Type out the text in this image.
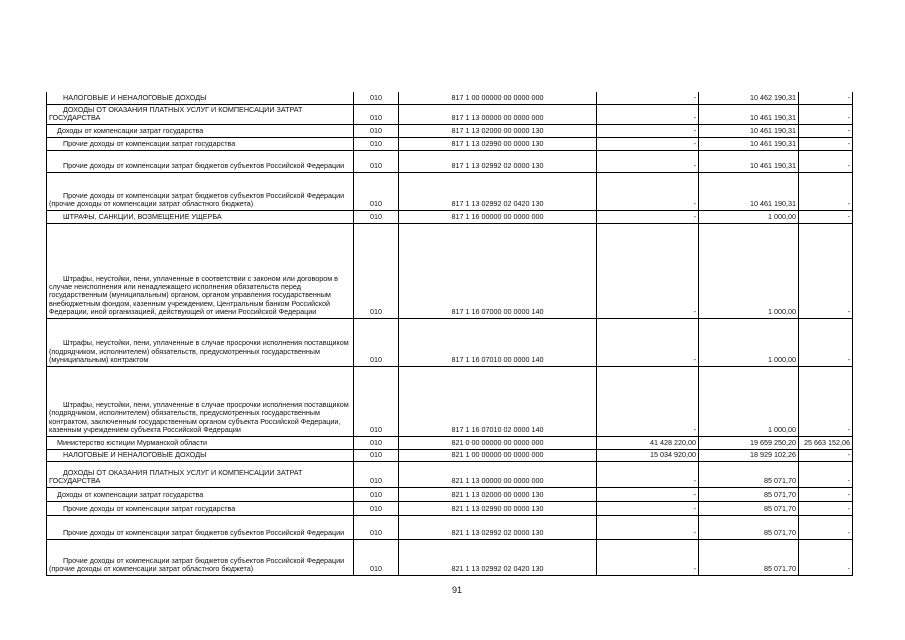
НАЛОГОВЫЕ И НЕНАЛОГОВЫЕ ДОХОДЫ	010	817 1 00 00000 00 0000 000	-	10 462 190,31	-

ДОХОДЫ ОТ ОКАЗАНИЯ ПЛАТНЫХ УСЛУГ И КОМПЕНСАЦИИ ЗАТРАТ ГОСУДАРСТВА	010	817 1 13 00000 00 0000 000	-	10 461 190,31	-

Доходы от компенсации затрат государства	010	817 1 13 02000 00 0000 130	-	10 461 190,31	-

Прочие доходы от компенсации затрат государства	010	817 1 13 02990 00 0000 130	-	10 461 190,31	-

Прочие доходы от компенсации затрат бюджетов субъектов Российской Федерации	010	817 1 13 02992 02 0000 130	-	10 461 190,31	-

Прочие доходы от компенсации затрат бюджетов субъектов Российской Федерации (прочие доходы от компенсации затрат областного бюджета)	010	817 1 13 02992 02 0420 130	-	10 461 190,31	-

ШТРАФЫ, САНКЦИИ, ВОЗМЕЩЕНИЕ УЩЕРБА	010	817 1 16 00000 00 0000 000	-	1 000,00	-

Штрафы, неустойки, пени, уплаченные в соответствии с законом или договором в случае неисполнения или ненадлежащего исполнения обязательств перед государственным (муниципальным) органом, органом управления государственным внебюджетным фондом, казенным учреждением, Центральным банком Российской Федерации, иной организацией, действующей от имени Российской Федерации	010	817 1 16 07000 00 0000 140	-	1 000,00	-

Штрафы, неустойки, пени, уплаченные в случае просрочки исполнения поставщиком (подрядчиком, исполнителем) обязательств, предусмотренных государственным (муниципальным) контрактом	010	817 1 16 07010 00 0000 140	-	1 000,00	-

Штрафы, неустойки, пени, уплаченные в случае просрочки исполнения поставщиком (подрядчиком, исполнителем) обязательств, предусмотренных государственным контрактом, заключенным государственным органом субъекта Российской Федерации, казенным учреждением субъекта Российской Федерации	010	817 1 16 07010 02 0000 140	-	1 000,00	-

Министерство юстиции Мурманской области	010	821 0 00 00000 00 0000 000	41 428 220,00	19 659 250,20	25 663 152,06

НАЛОГОВЫЕ И НЕНАЛОГОВЫЕ ДОХОДЫ	010	821 1 00 00000 00 0000 000	15 034 920,00	18 929 102,26	-

ДОХОДЫ ОТ ОКАЗАНИЯ ПЛАТНЫХ УСЛУГ И КОМПЕНСАЦИИ ЗАТРАТ ГОСУДАРСТВА	010	821 1 13 00000 00 0000 000	-	85 071,70	-

Доходы от компенсации затрат государства	010	821 1 13 02000 00 0000 130	-	85 071,70	-

Прочие доходы от компенсации затрат государства	010	821 1 13 02990 00 0000 130	-	85 071,70	-

Прочие доходы от компенсации затрат бюджетов субъектов Российской Федерации	010	821 1 13 02992 02 0000 130	-	85 071,70	-

Прочие доходы от компенсации затрат бюджетов субъектов Российской Федерации (прочие доходы от компенсации затрат областного бюджета)	010	821 1 13 02992 02 0420 130	-	85 071,70	-
91
